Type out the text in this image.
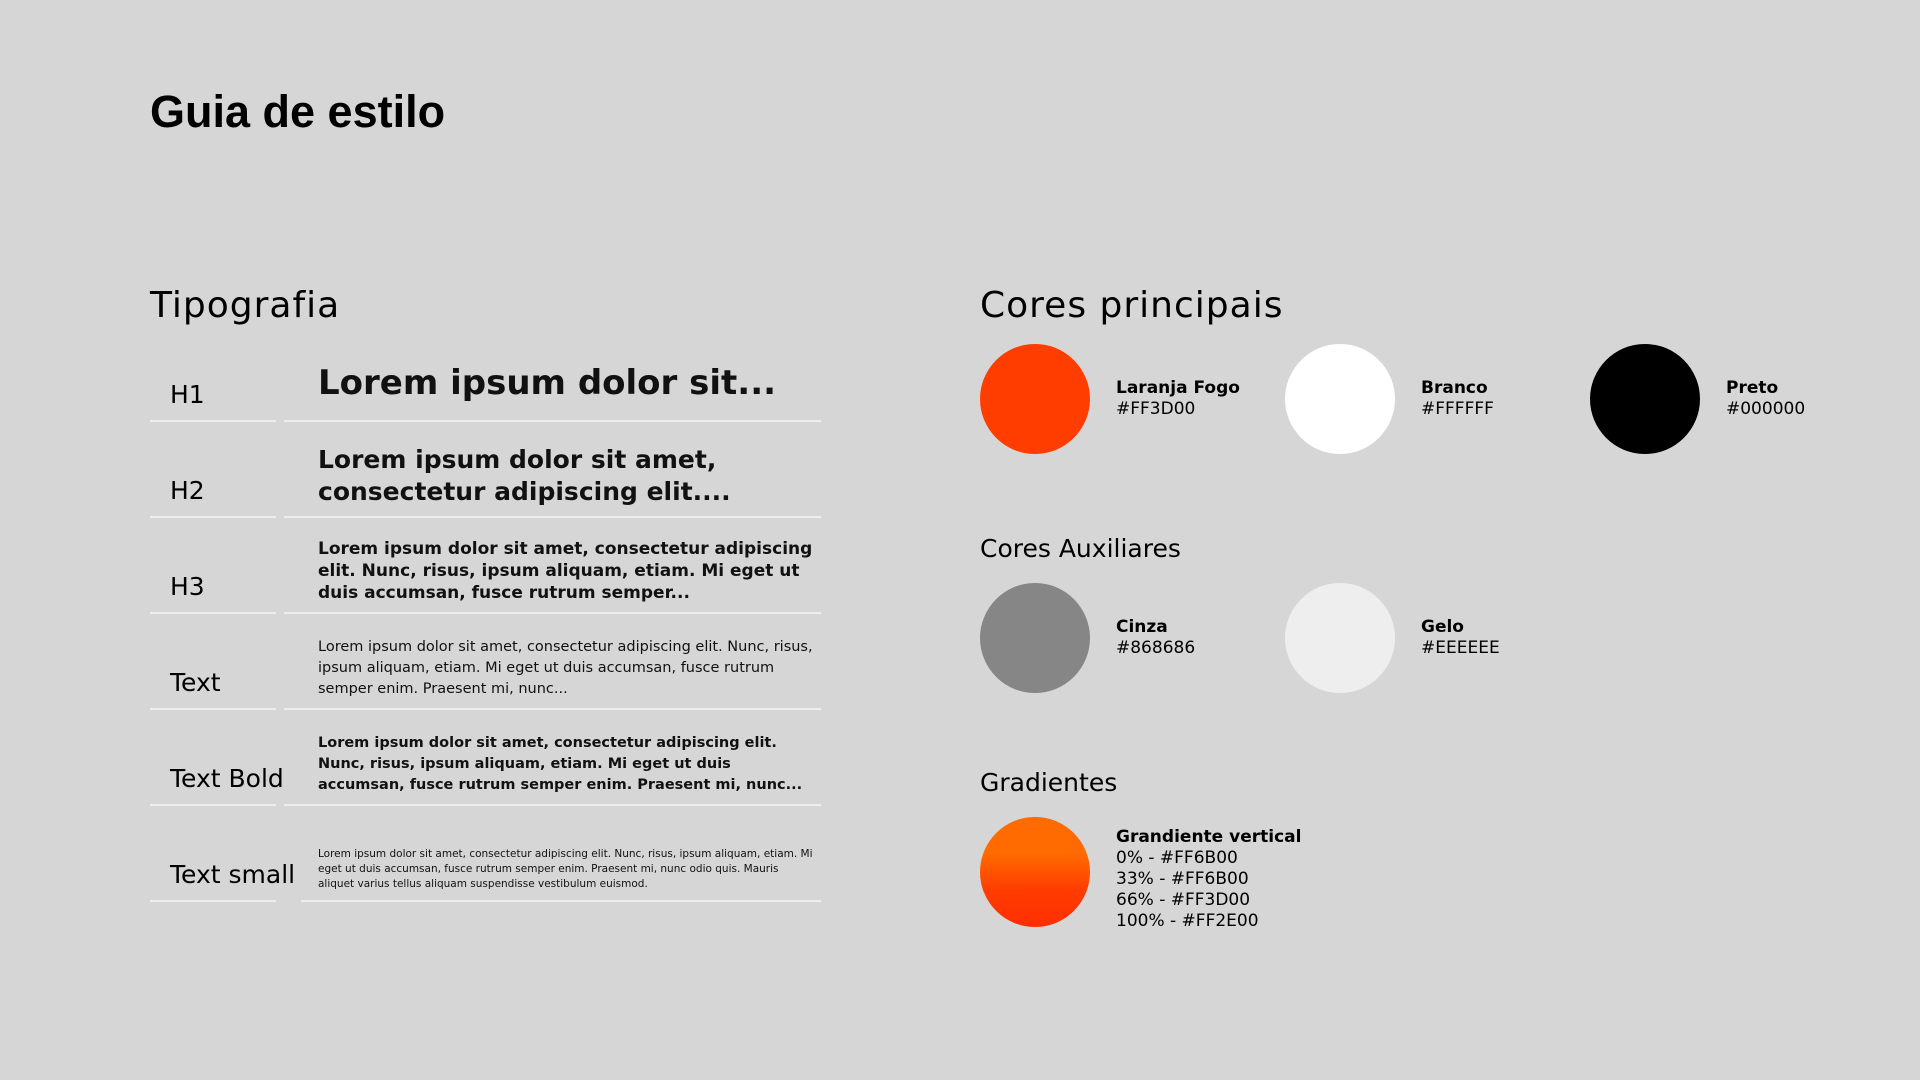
Guia de estilo
Tipografia
H1	Lorem ipsum dolor sit...
H2
Lorem ipsum dolor sit amet, consectetur adipiscing elit....
H3
Lorem ipsum dolor sit amet, consectetur adipiscing elit. Nunc, risus, ipsum aliquam, etiam. Mi eget ut duis accumsan, fusce rutrum semper...
Text
Lorem ipsum dolor sit amet, consectetur adipiscing elit. Nunc, risus, ipsum aliquam, etiam. Mi eget ut duis accumsan, fusce rutrum semper enim. Praesent mi, nunc...
Text Bold
Lorem ipsum dolor sit amet, consectetur adipiscing elit. Nunc, risus, ipsum aliquam, etiam. Mi eget ut duis accumsan, fusce rutrum semper enim. Praesent mi, nunc...
Text small
Lorem ipsum dolor sit amet, consectetur adipiscing elit. Nunc, risus, ipsum aliquam, etiam. Mi eget ut duis accumsan, fusce rutrum semper enim. Praesent mi, nunc odio quis. Mauris aliquet varius tellus aliquam suspendisse vestibulum euismod.
Cores principais
Laranja Fogo
#FF3D00
Branco
#FFFFFF
Preto
#000000
Cores Auxiliares
Cinza
#868686
Gelo
#EEEEEE
Gradientes
Grandiente vertical
0% - #FF6B00
33% - #FF6B00
66% - #FF3D00
100% - #FF2E00
